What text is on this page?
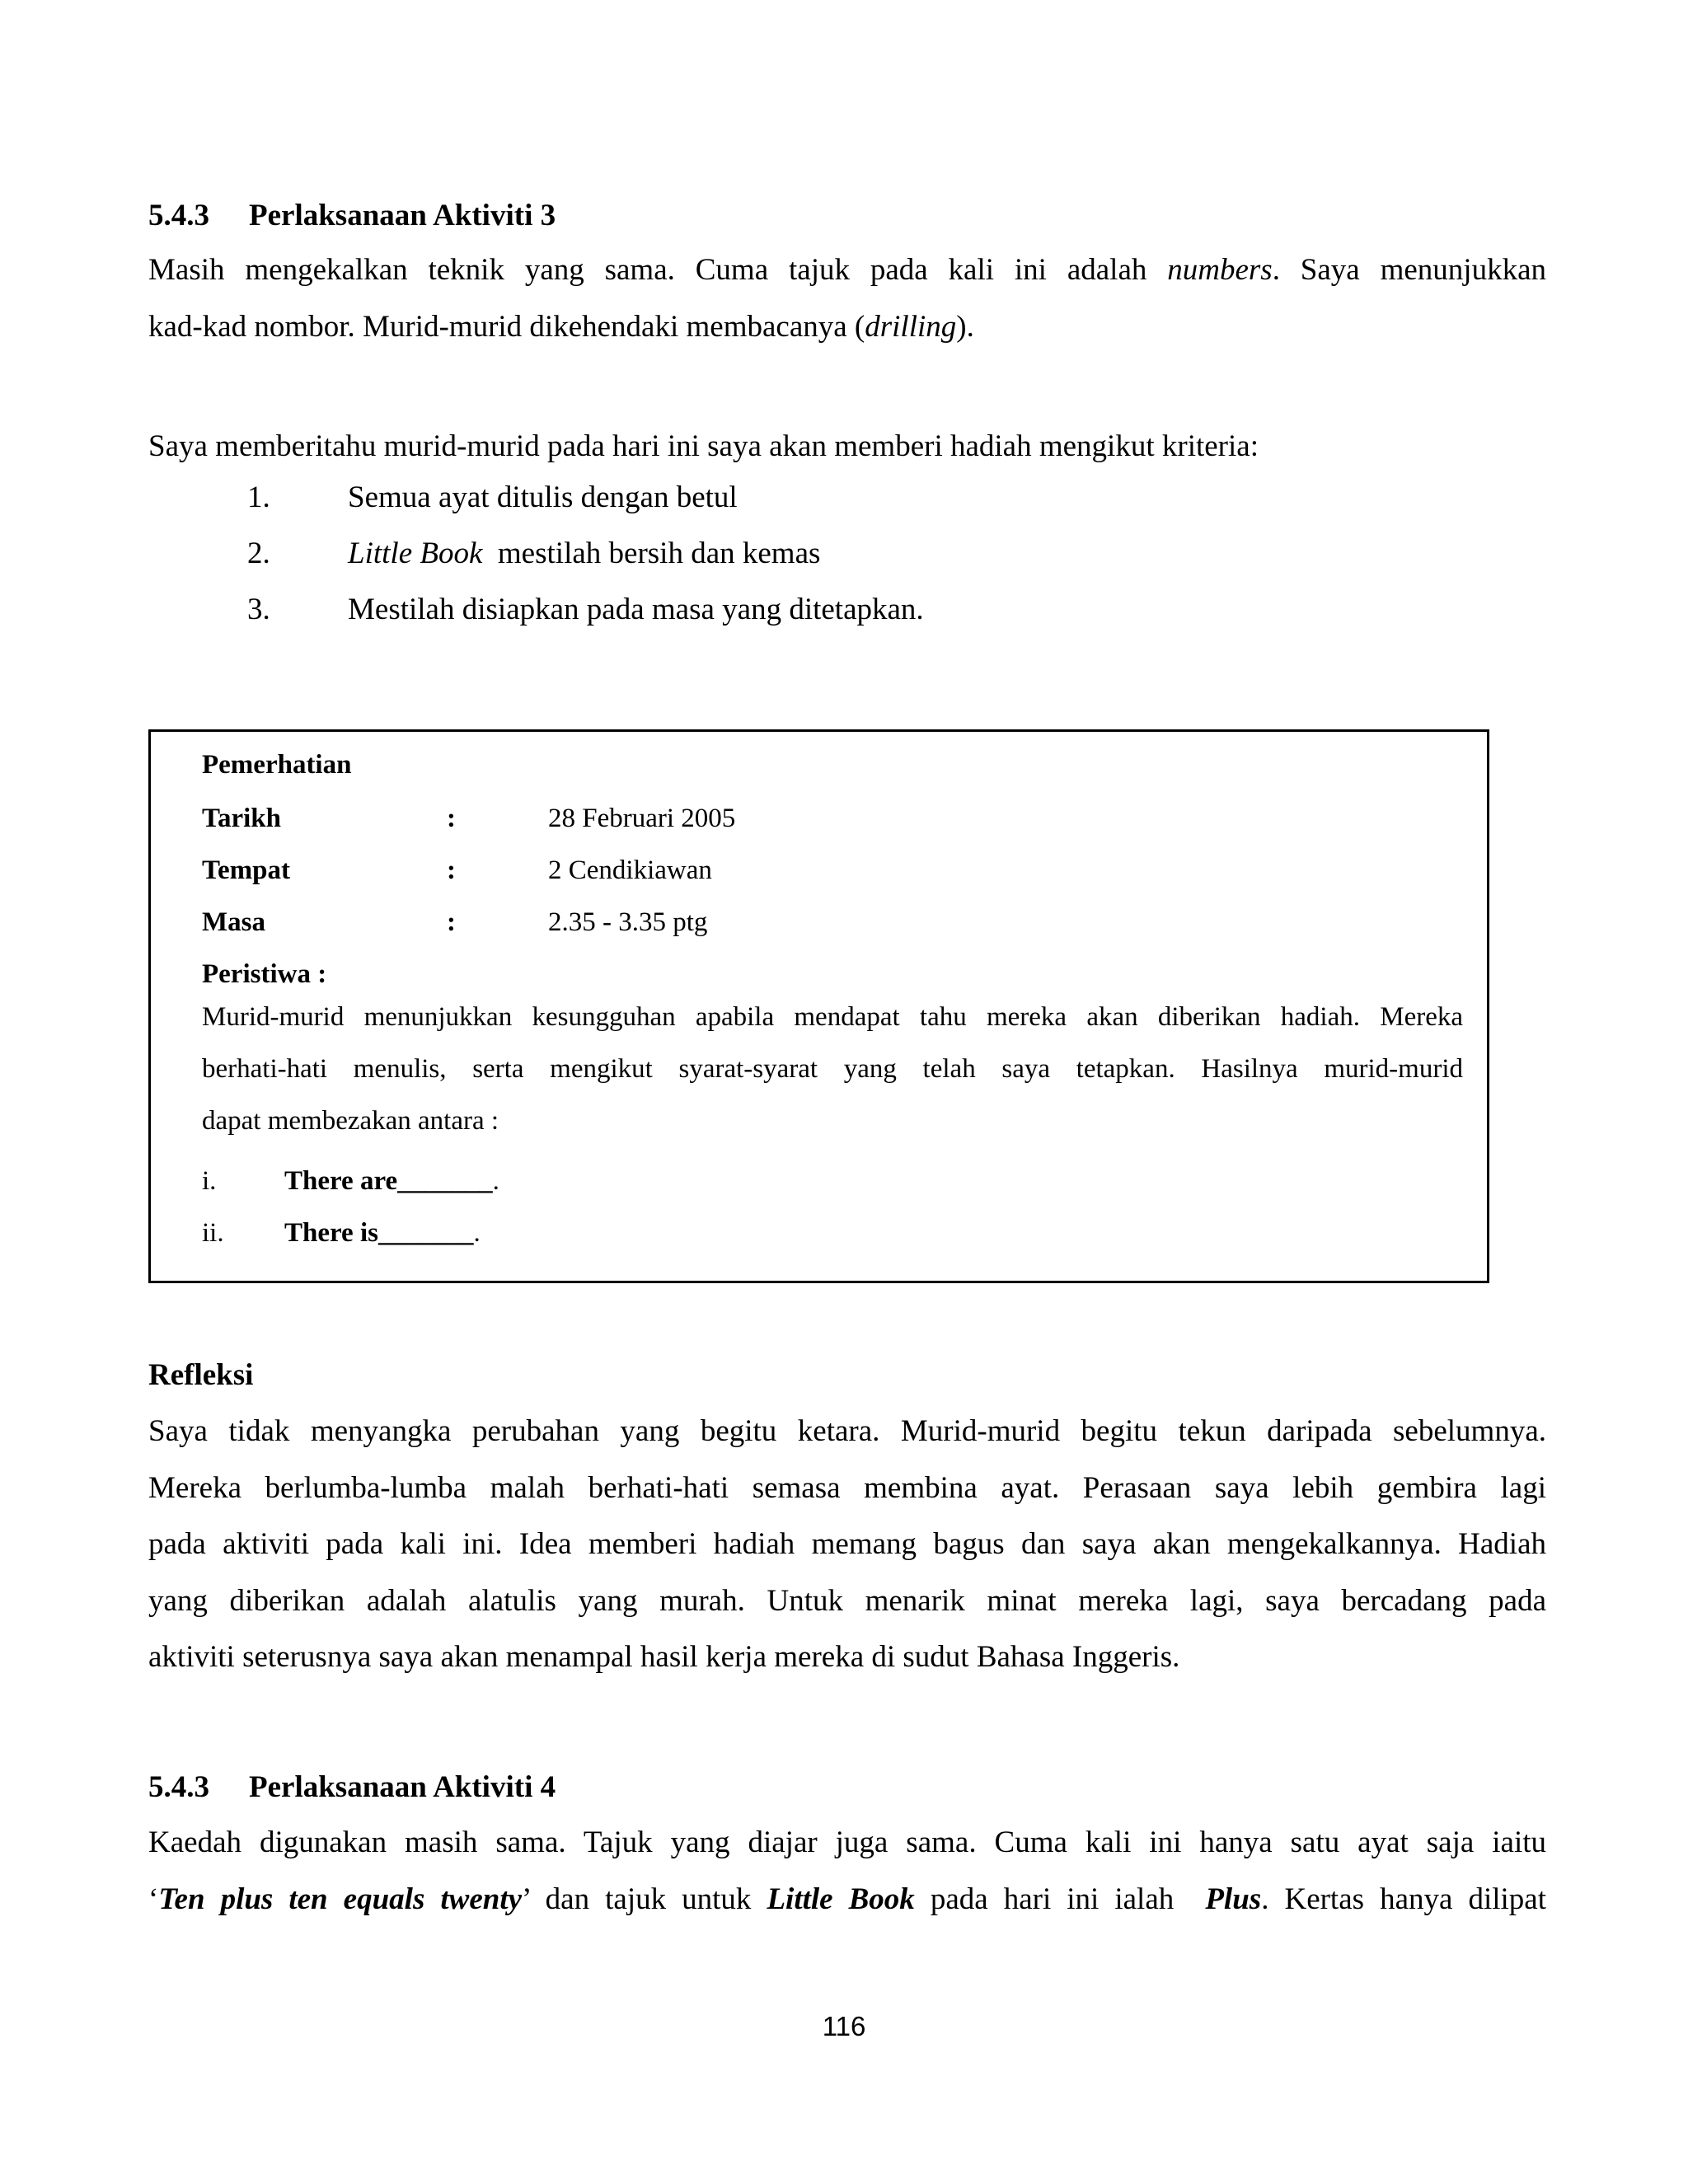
5.4.3 Perlaksanaan Aktiviti 3
Masih mengekalkan teknik yang sama. Cuma tajuk pada kali ini adalah numbers. Saya menunjukkan
kad-kad nombor. Murid-murid dikehendaki membacanya (drilling).
Saya memberitahu murid-murid pada hari ini saya akan memberi hadiah mengikut kriteria:
1.	Semua ayat ditulis dengan betul
2.	Little Book  mestilah bersih dan kemas
3.	Mestilah disiapkan pada masa yang ditetapkan.
Pemerhatian
Tarikh	:	28 Februari 2005
Tempat	:	2 Cendikiawan
Masa	:	2.35 - 3.35 ptg
Peristiwa :
Murid-murid menunjukkan kesungguhan apabila mendapat tahu mereka akan diberikan hadiah. Mereka
berhati-hati menulis, serta mengikut syarat-syarat yang telah saya tetapkan. Hasilnya murid-murid
dapat membezakan antara :
i.	There are_______.
ii. There is_______.
Refleksi
Saya tidak menyangka perubahan yang begitu ketara. Murid-murid begitu tekun daripada sebelumnya.
Mereka berlumba-lumba malah berhati-hati semasa membina ayat. Perasaan saya lebih gembira lagi
pada aktiviti pada kali ini. Idea memberi hadiah memang bagus dan saya akan mengekalkannya. Hadiah
yang diberikan adalah alatulis yang murah. Untuk menarik minat mereka lagi, saya bercadang pada
aktiviti seterusnya saya akan menampal hasil kerja mereka di sudut Bahasa Inggeris.
5.4.3 Perlaksanaan Aktiviti 4
Kaedah digunakan masih sama. Tajuk yang diajar juga sama. Cuma kali ini hanya satu ayat saja iaitu
‘Ten plus ten equals twenty’ dan tajuk untuk Little Book pada hari ini ialah  Plus. Kertas hanya dilipat
116
